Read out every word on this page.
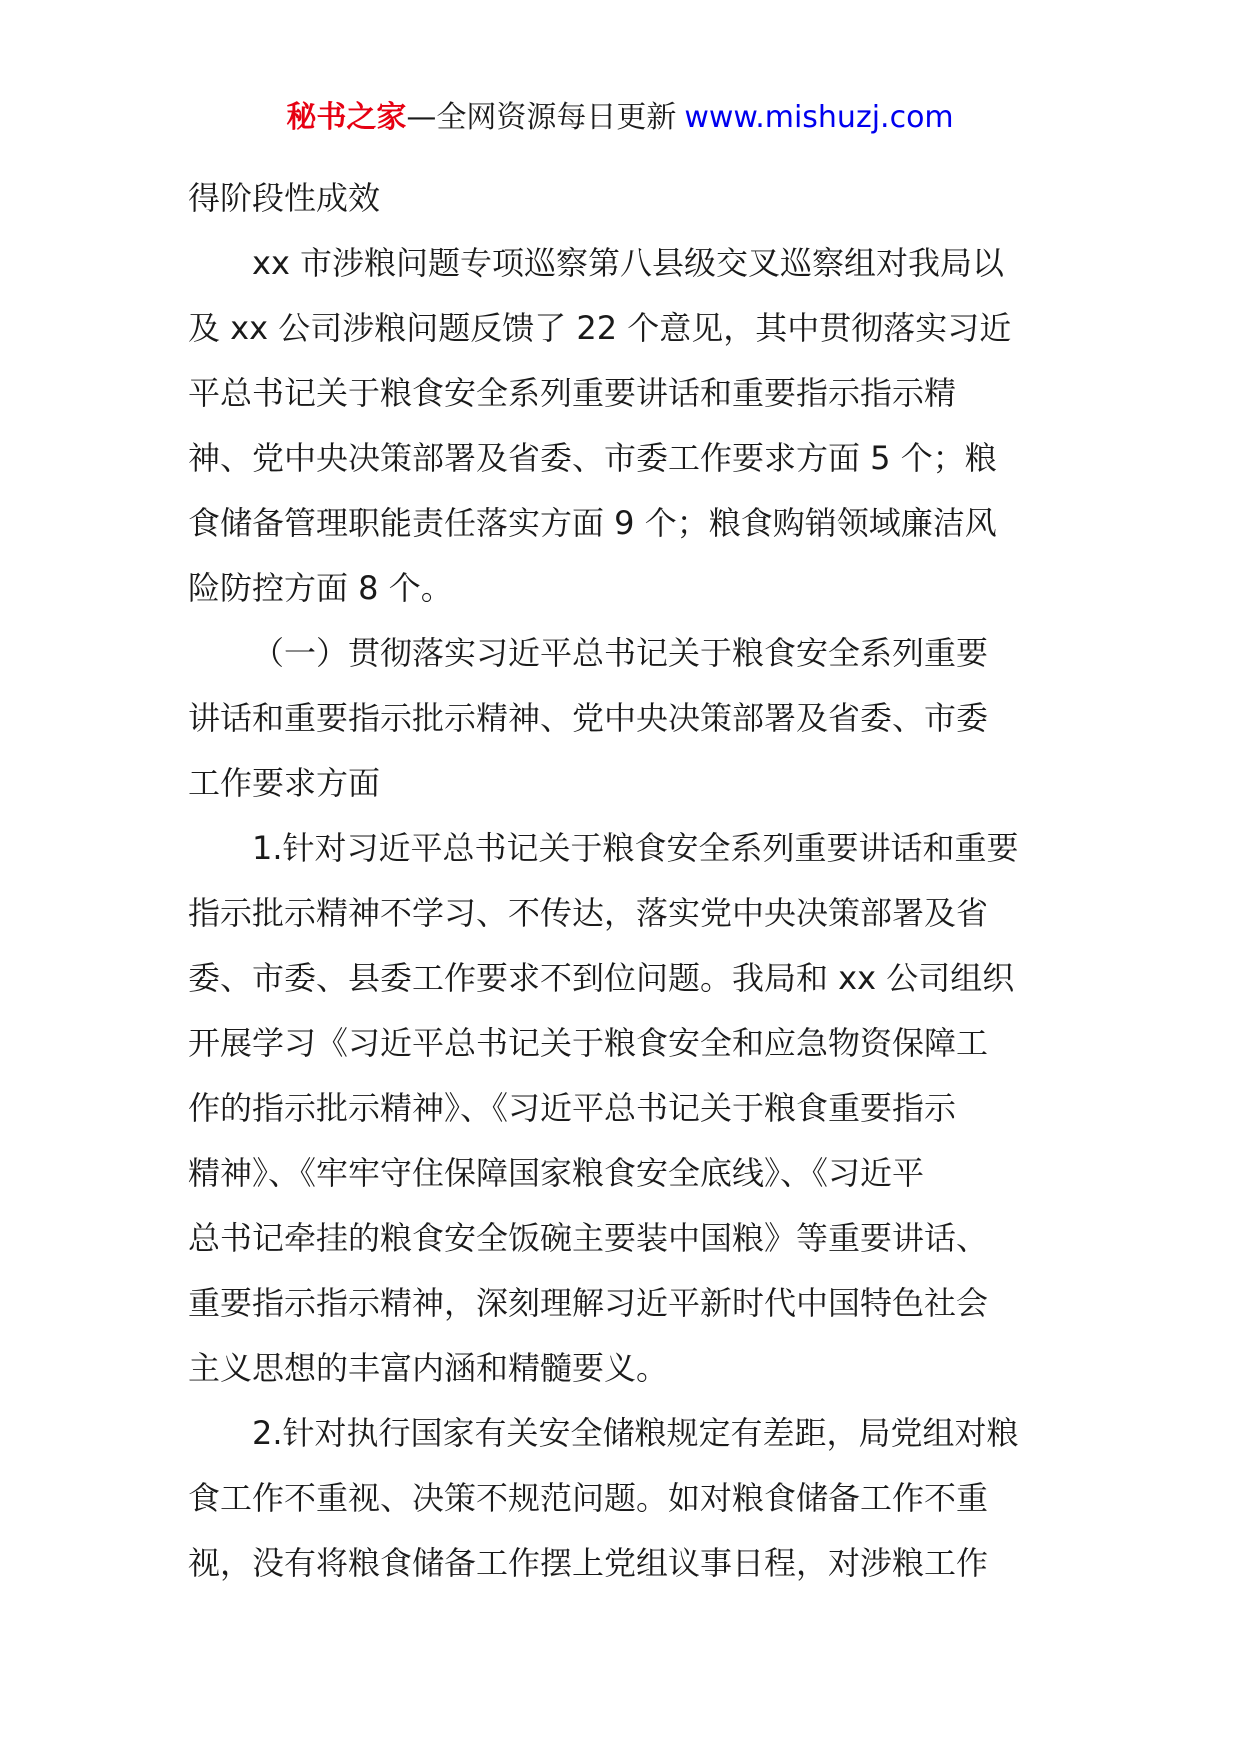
秘书之家—全网资源每日更新 www.mishuzj.com
得阶段性成效
xx 市涉粮问题专项巡察第八县级交叉巡察组对我局以
及 xx 公司涉粮问题反馈了 22 个意见，其中贯彻落实习近
平总书记关于粮食安全系列重要讲话和重要指示指示精
神、党中央决策部署及省委、市委工作要求方面 5 个；粮
食储备管理职能责任落实方面 9 个；粮食购销领域廉洁风
险防控方面 8 个。
（一）贯彻落实习近平总书记关于粮食安全系列重要
讲话和重要指示批示精神、党中央决策部署及省委、市委
工作要求方面
1.针对习近平总书记关于粮食安全系列重要讲话和重要
指示批示精神不学习、不传达，落实党中央决策部署及省
委、市委、县委工作要求不到位问题。我局和 xx 公司组织
开展学习《习近平总书记关于粮食安全和应急物资保障工
作的指示批示精神》、《习近平总书记关于粮食重要指示
精神》、《牢牢守住保障国家粮食安全底线》、《习近平
总书记牵挂的粮食安全饭碗主要装中国粮》等重要讲话、
重要指示指示精神，深刻理解习近平新时代中国特色社会
主义思想的丰富内涵和精髓要义。
2.针对执行国家有关安全储粮规定有差距，局党组对粮
食工作不重视、决策不规范问题。如对粮食储备工作不重
视，没有将粮食储备工作摆上党组议事日程，对涉粮工作
